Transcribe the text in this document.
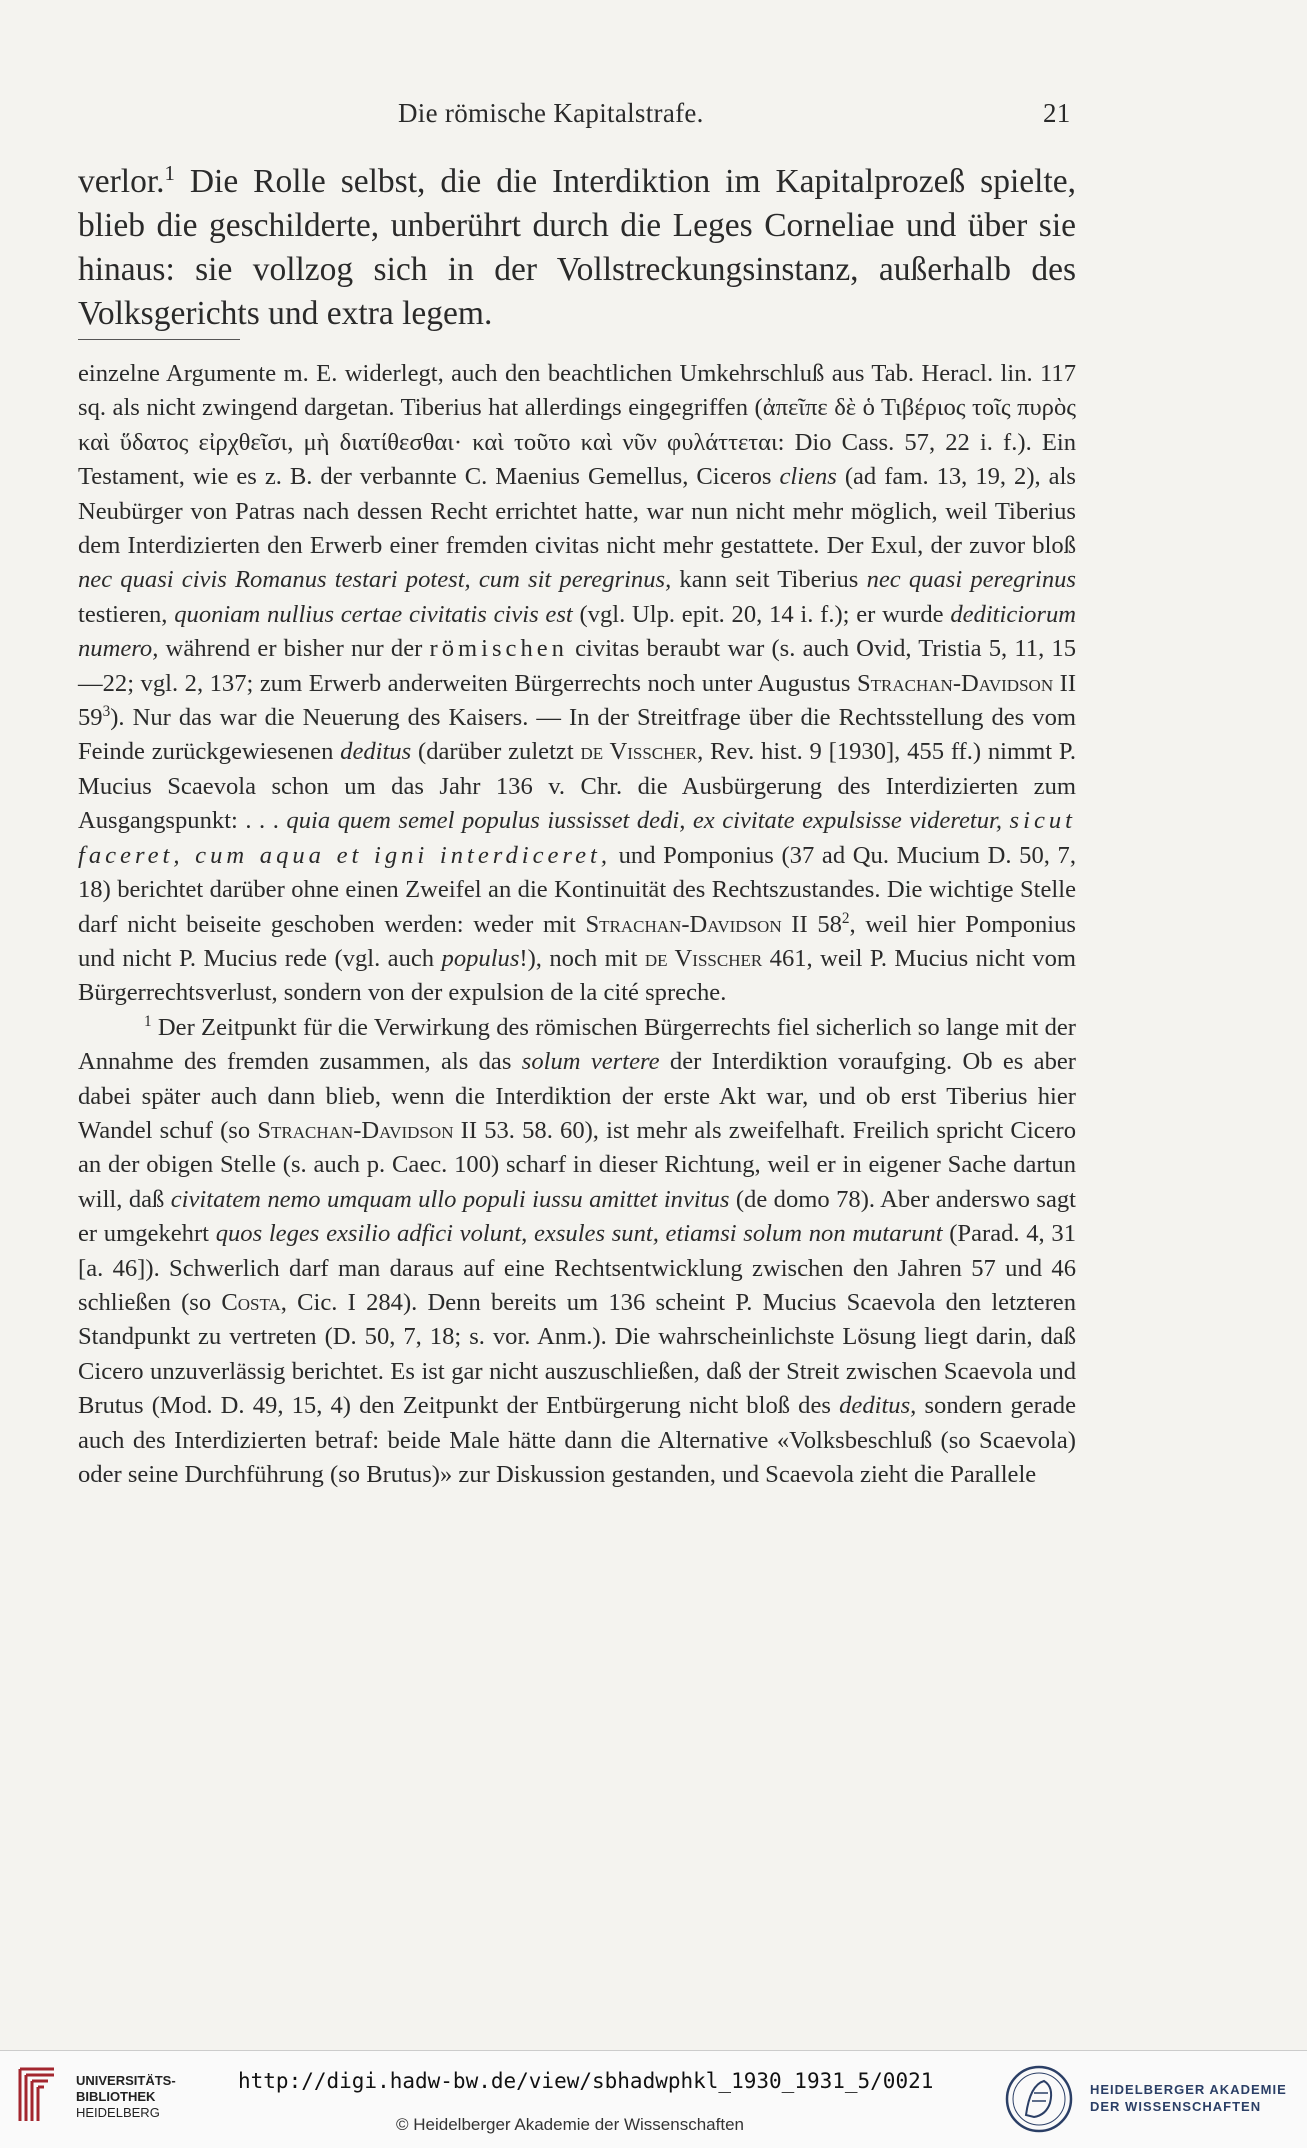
Die römische Kapitalstrafe.	21

verlor.$^1$ Die Rolle selbst, die die Interdiktion im Kapitalprozeß spielte, blieb die geschilderte, unberührt durch die Leges Corneliae und über sie hinaus: sie vollzog sich in der Vollstreckungsinstanz, außerhalb des Volksgerichts und extra legem.

einzelne Argumente m. E. widerlegt, auch den beachtlichen Umkehrschluß aus Tab. Heracl. lin. 117 sq. als nicht zwingend dargetan. Tiberius hat allerdings eingegriffen (ἀπεῖπε δὲ ὁ Τιβέριος τοῖς πυρὸς καὶ ὕδατος εἰρχθεῖσι, μὴ διατίθεσθαι· καὶ τοῦτο καὶ νῦν φυλάττεται: Dio Cass. 57, 22 i. f.). Ein Testament, wie es z. B. der verbannte C. Maenius Gemellus, Ciceros cliens (ad fam. 13, 19, 2), als Neubürger von Patras nach dessen Recht errichtet hatte, war nun nicht mehr möglich, weil Tiberius dem Interdizierten den Erwerb einer fremden civitas nicht mehr gestattete. Der Exul, der zuvor bloß nec quasi civis Romanus testari potest, cum sit peregrinus, kann seit Tiberius nec quasi peregrinus testieren, quoniam nullius certae civitatis civis est (vgl. Ulp. epit. 20, 14 i. f.); er wurde dediticiorum numero, während er bisher nur der römischen civitas beraubt war (s. auch Ovid, Tristia 5, 11, 15—22; vgl. 2, 137; zum Erwerb anderweiten Bürgerrechts noch unter Augustus Strachan-Davidson II $59^3$). Nur das war die Neuerung des Kaisers. — In der Streitfrage über die Rechtsstellung des vom Feinde zurückgewiesenen deditus (darüber zuletzt de Visscher, Rev. hist. 9 [1930], 455 ff.) nimmt P. Mucius Scaevola schon um das Jahr 136 v. Chr. die Ausbürgerung des Interdizierten zum Ausgangspunkt: . . . quia quem semel populus iussisset dedi, ex civitate expulsisse videretur, sicut faceret, cum aqua et igni interdiceret, und Pomponius (37 ad Qu. Mucium D. 50, 7, 18) berichtet darüber ohne einen Zweifel an die Kontinuität des Rechtszustandes. Die wichtige Stelle darf nicht beiseite geschoben werden: weder mit Strachan-Davidson II $58^2$, weil hier Pomponius und nicht P. Mucius rede (vgl. auch populus!), noch mit de Visscher 461, weil P. Mucius nicht vom Bürgerrechtsverlust, sondern von der expulsion de la cité spreche.

$^1$ Der Zeitpunkt für die Verwirkung des römischen Bürgerrechts fiel sicherlich so lange mit der Annahme des fremden zusammen, als das solum vertere der Interdiktion voraufging. Ob es aber dabei später auch dann blieb, wenn die Interdiktion der erste Akt war, und ob erst Tiberius hier Wandel schuf (so Strachan-Davidson II 53. 58. 60), ist mehr als zweifelhaft. Freilich spricht Cicero an der obigen Stelle (s. auch p. Caec. 100) scharf in dieser Richtung, weil er in eigener Sache dartun will, daß civitatem nemo umquam ullo populi iussu amittet invitus (de domo 78). Aber anderswo sagt er umgekehrt quos leges exsilio adfici volunt, exsules sunt, etiamsi solum non mutarunt (Parad. 4, 31 [a. 46]). Schwerlich darf man daraus auf eine Rechtsentwicklung zwischen den Jahren 57 und 46 schließen (so Costa, Cic. I 284). Denn bereits um 136 scheint P. Mucius Scaevola den letzteren Standpunkt zu vertreten (D. 50, 7, 18; s. vor. Anm.). Die wahrscheinlichste Lösung liegt darin, daß Cicero unzuverlässig berichtet. Es ist gar nicht auszuschließen, daß der Streit zwischen Scaevola und Brutus (Mod. D. 49, 15, 4) den Zeitpunkt der Entbürgerung nicht bloß des deditus, sondern gerade auch des Interdizierten betraf: beide Male hätte dann die Alternative «Volksbeschluß (so Scaevola) oder seine Durchführung (so Brutus)» zur Diskussion gestanden, und Scaevola zieht die Parallele

UNIVERSITÄTS-
BIBLIOTHEK
HEIDELBERG
http://digi.hadw-bw.de/view/sbhadwphkl_1930_1931_5/0021
© Heidelberger Akademie der Wissenschaften
HEIDELBERGER AKADEMIE
DER WISSENSCHAFTEN
